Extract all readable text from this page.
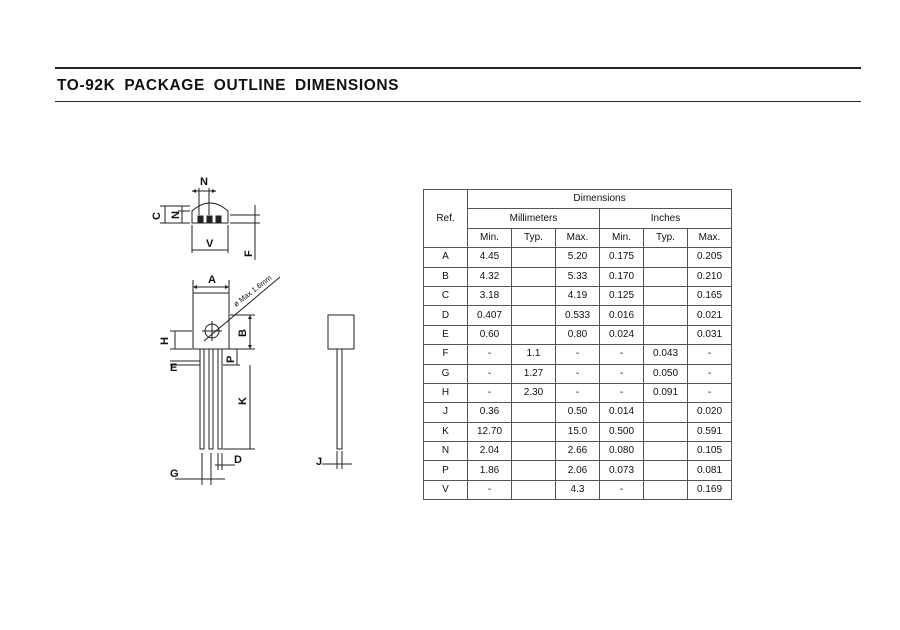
TO-92K PACKAGE OUTLINE DIMENSIONS
N
C N
V
F
A
B
H
E
P
K
G
D
ø Max 1.6mm
J
Ref.	Dimensions					
	Millimeters			Inches		
	Min.	Typ.	Max.	Min.	Typ.	Max.
A	4.45		5.20	0.175		0.205
B	4.32		5.33	0.170		0.210
C	3.18		4.19	0.125		0.165
D	0.407		0.533	0.016		0.021
E	0.60		0.80	0.024		0.031
F	-	1.1	-	-	0.043	-
G	-	1.27	-	-	0.050	-
H	-	2.30	-	-	0.091	-
J	0.36		0.50	0.014		0.020
K	12.70		15.0	0.500		0.591
N	2.04		2.66	0.080		0.105
P	1.86		2.06	0.073		0.081
V	-		4.3	-		0.169
